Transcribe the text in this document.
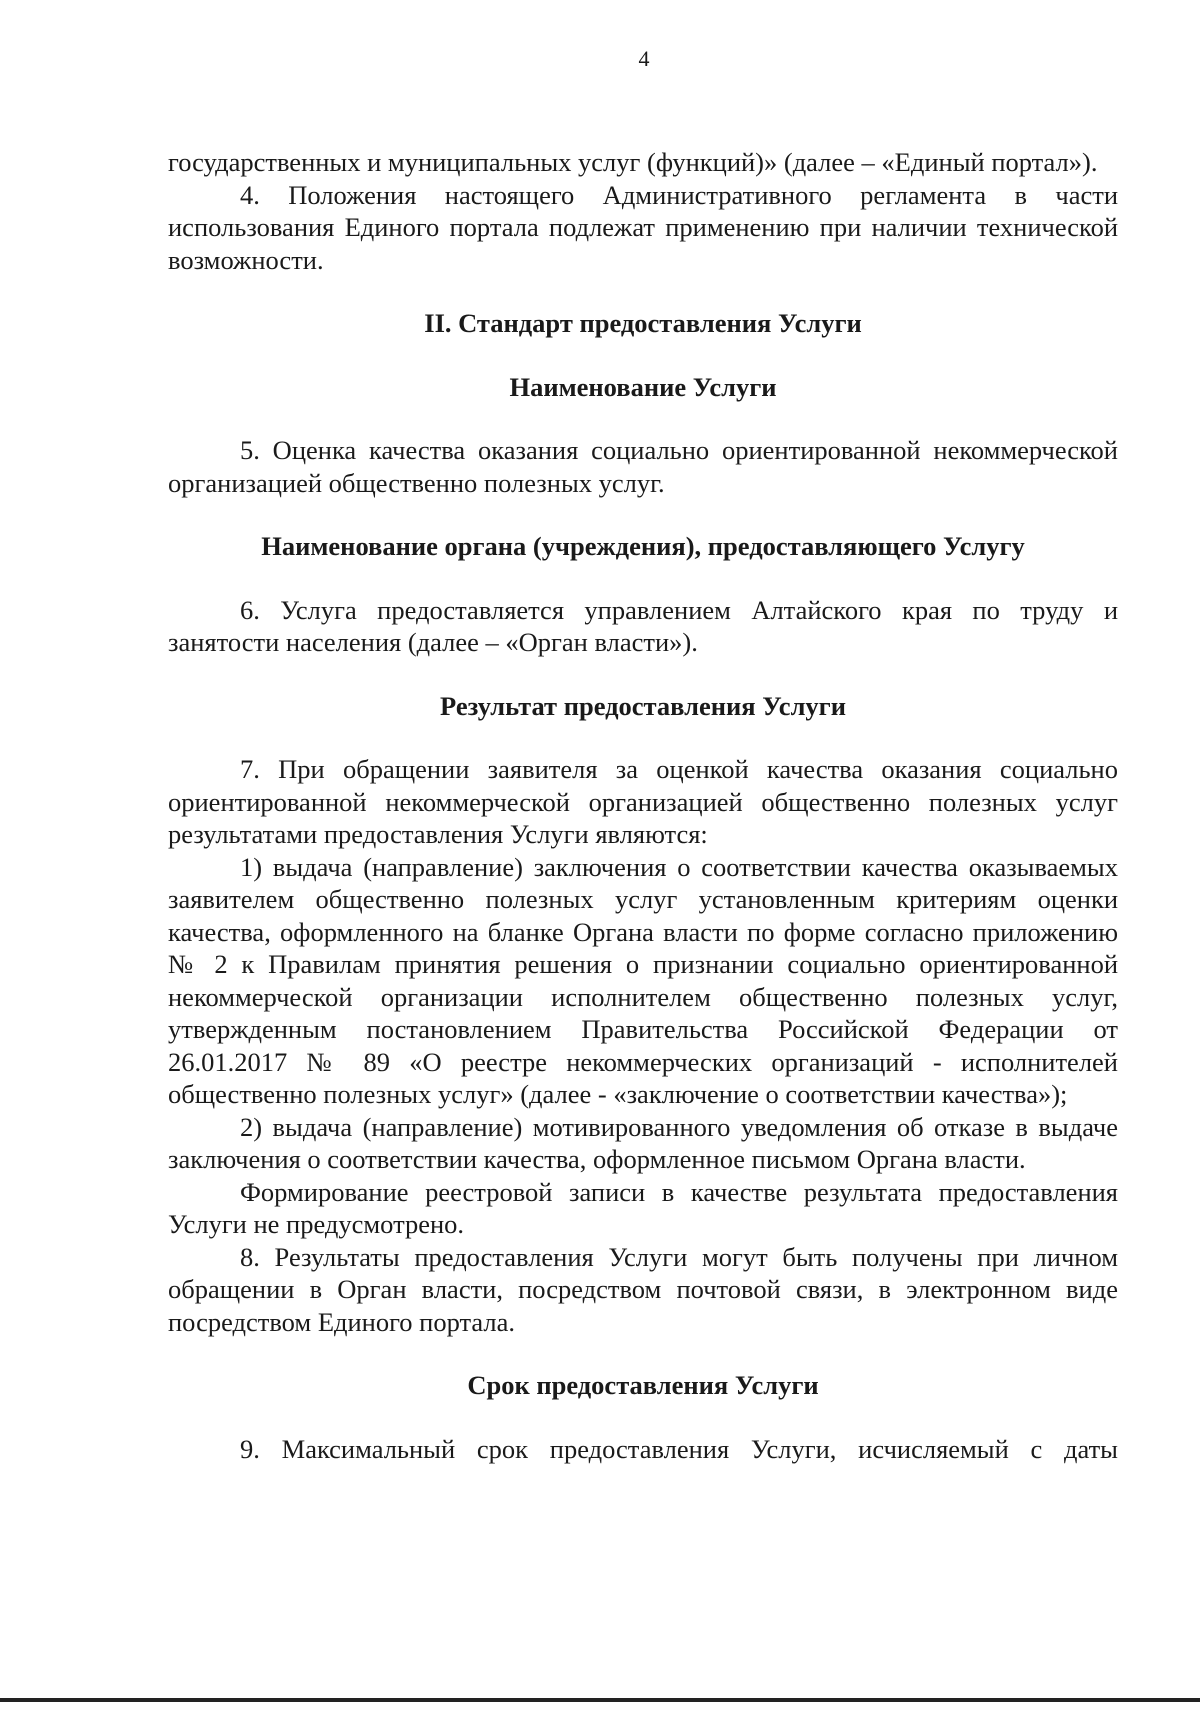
4

государственных и муниципальных услуг (функций)» (далее – «Единый портал»).

4. Положения настоящего Административного регламента в части использования Единого портала подлежат применению при наличии технической возможности.

II. Стандарт предоставления Услуги

Наименование Услуги

5. Оценка качества оказания социально ориентированной некоммерческой организацией общественно полезных услуг.

Наименование органа (учреждения), предоставляющего Услугу

6. Услуга предоставляется управлением Алтайского края по труду и занятости населения (далее – «Орган власти»).

Результат предоставления Услуги

7. При обращении заявителя за оценкой качества оказания социально ориентированной некоммерческой организацией общественно полезных услуг результатами предоставления Услуги являются:

1) выдача (направление) заключения о соответствии качества оказываемых заявителем общественно полезных услуг установленным критериям оценки качества, оформленного на бланке Органа власти по форме согласно приложению № 2 к Правилам принятия решения о признании социально ориентированной некоммерческой организации исполнителем общественно полезных услуг, утвержденным постановлением Правительства Российской Федерации от 26.01.2017 № 89 «О реестре некоммерческих организаций - исполнителей общественно полезных услуг» (далее - «заключение о соответствии качества»);

2) выдача (направление) мотивированного уведомления об отказе в выдаче заключения о соответствии качества, оформленное письмом Органа власти.

Формирование реестровой записи в качестве результата предоставления Услуги не предусмотрено.

8. Результаты предоставления Услуги могут быть получены при личном обращении в Орган власти, посредством почтовой связи, в электронном виде посредством Единого портала.

Срок предоставления Услуги

9. Максимальный срок предоставления Услуги, исчисляемый с даты
